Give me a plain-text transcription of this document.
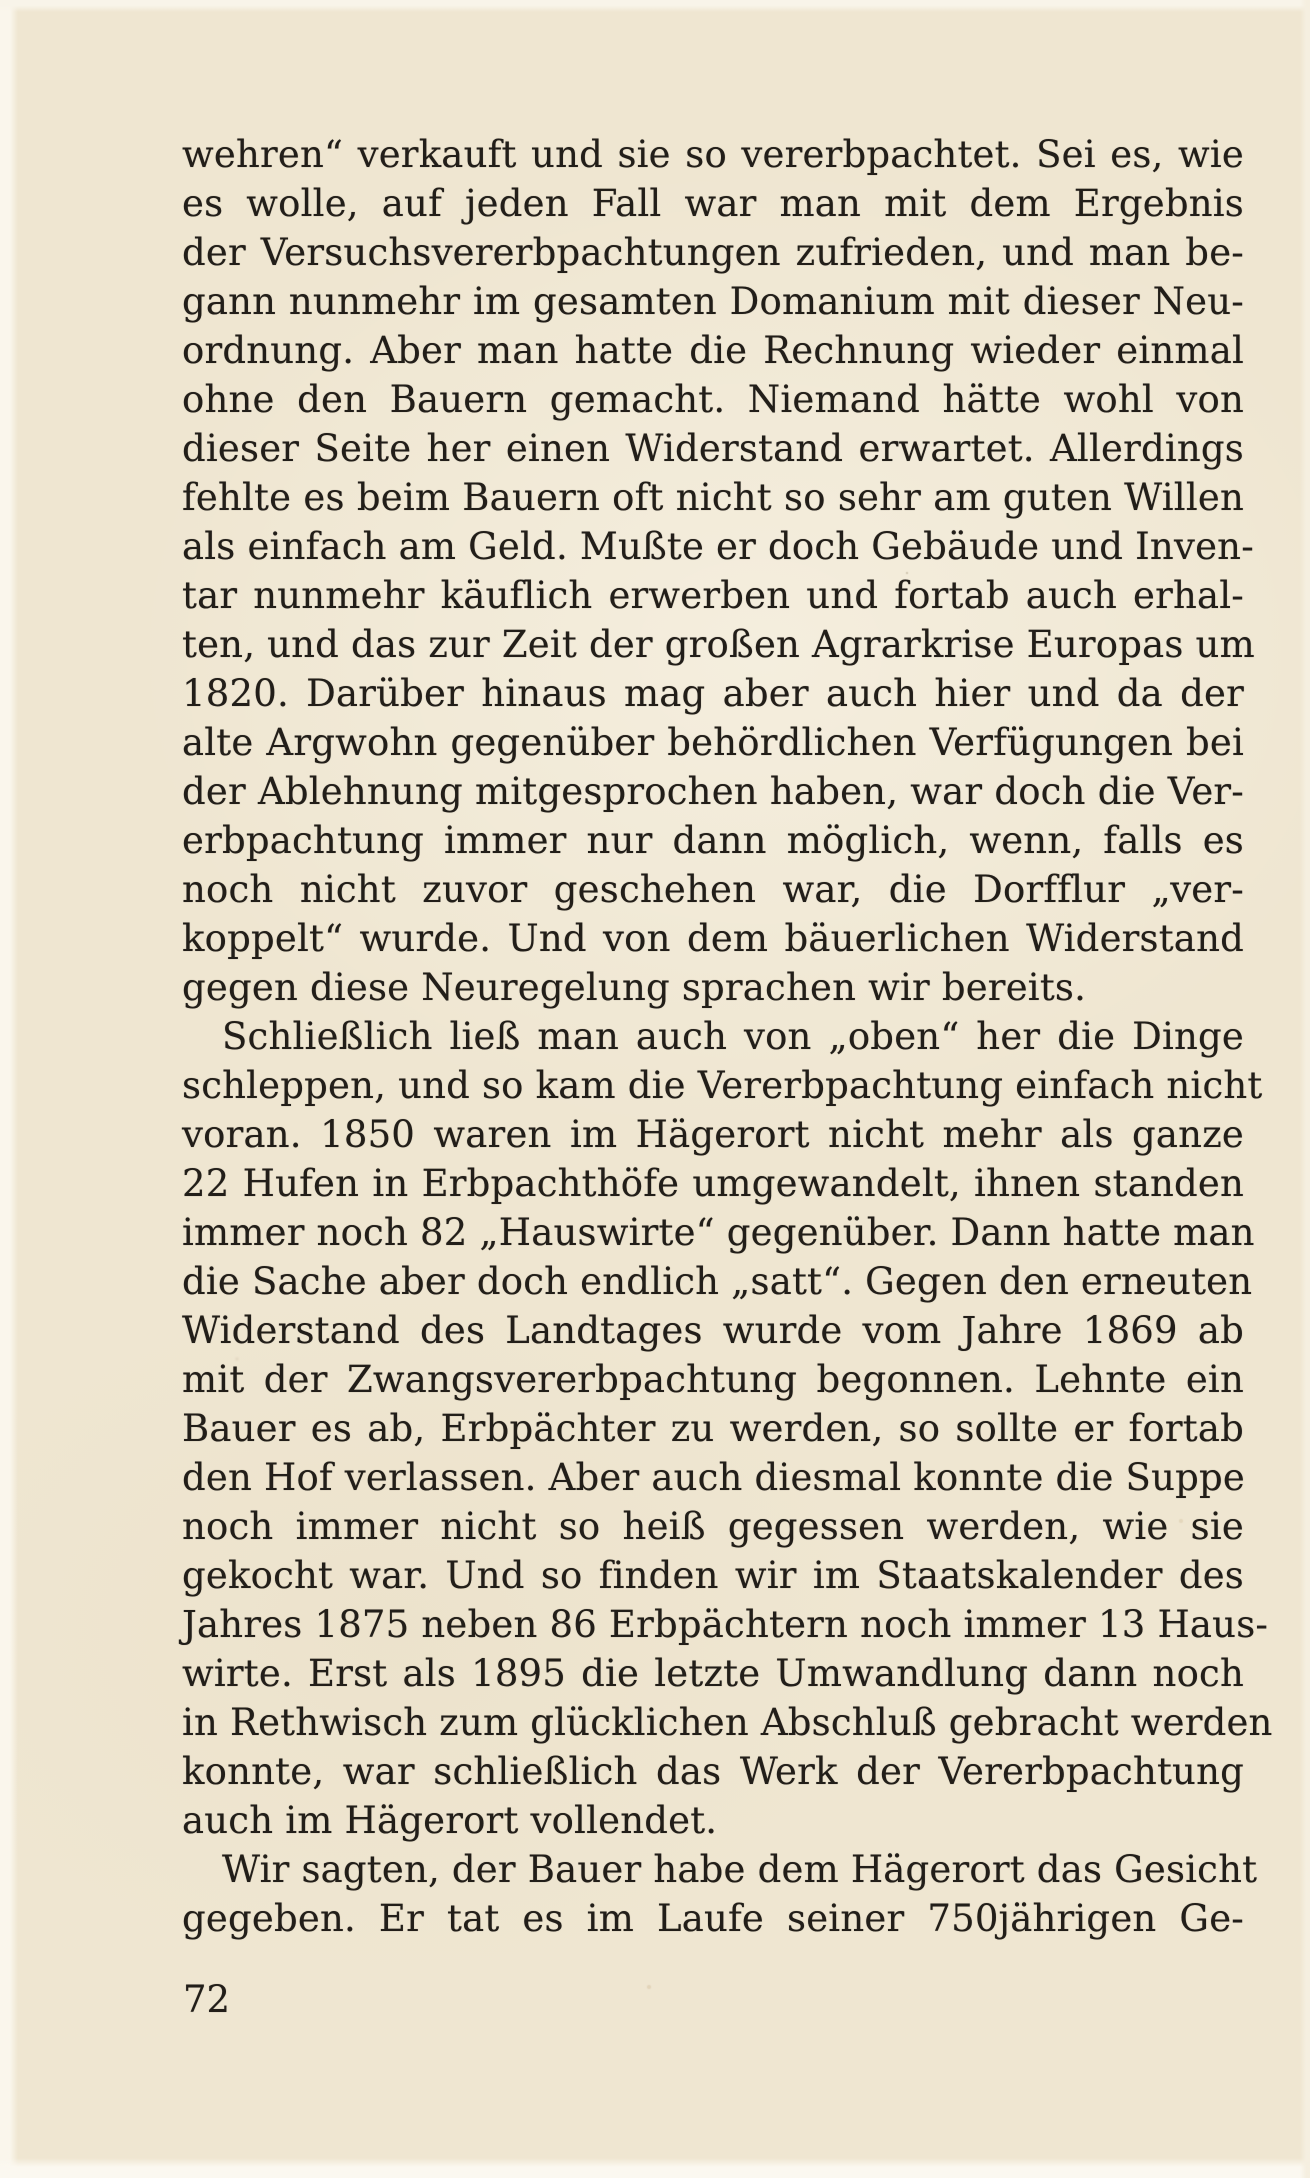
wehren“ verkauft und sie so vererbpachtet. Sei es, wie
es wolle, auf jeden Fall war man mit dem Ergebnis
der Versuchsvererbpachtungen zufrieden, und man be-
gann nunmehr im gesamten Domanium mit dieser Neu-
ordnung. Aber man hatte die Rechnung wieder einmal
ohne den Bauern gemacht. Niemand hätte wohl von
dieser Seite her einen Widerstand erwartet. Allerdings
fehlte es beim Bauern oft nicht so sehr am guten Willen
als einfach am Geld. Mußte er doch Gebäude und Inven-
tar nunmehr käuflich erwerben und fortab auch erhal-
ten, und das zur Zeit der großen Agrarkrise Europas um
1820. Darüber hinaus mag aber auch hier und da der
alte Argwohn gegenüber behördlichen Verfügungen bei
der Ablehnung mitgesprochen haben, war doch die Ver-
erbpachtung immer nur dann möglich, wenn, falls es
noch nicht zuvor geschehen war, die Dorfflur „ver-
koppelt“ wurde. Und von dem bäuerlichen Widerstand
gegen diese Neuregelung sprachen wir bereits.
Schließlich ließ man auch von „oben“ her die Dinge
schleppen, und so kam die Vererbpachtung einfach nicht
voran. 1850 waren im Hägerort nicht mehr als ganze
22 Hufen in Erbpachthöfe umgewandelt, ihnen standen
immer noch 82 „Hauswirte“ gegenüber. Dann hatte man
die Sache aber doch endlich „satt“. Gegen den erneuten
Widerstand des Landtages wurde vom Jahre 1869 ab
mit der Zwangsvererbpachtung begonnen. Lehnte ein
Bauer es ab, Erbpächter zu werden, so sollte er fortab
den Hof verlassen. Aber auch diesmal konnte die Suppe
noch immer nicht so heiß gegessen werden, wie sie
gekocht war. Und so finden wir im Staatskalender des
Jahres 1875 neben 86 Erbpächtern noch immer 13 Haus-
wirte. Erst als 1895 die letzte Umwandlung dann noch
in Rethwisch zum glücklichen Abschluß gebracht werden
konnte, war schließlich das Werk der Vererbpachtung
auch im Hägerort vollendet.
Wir sagten, der Bauer habe dem Hägerort das Gesicht
gegeben. Er tat es im Laufe seiner 750jährigen Ge-
72
